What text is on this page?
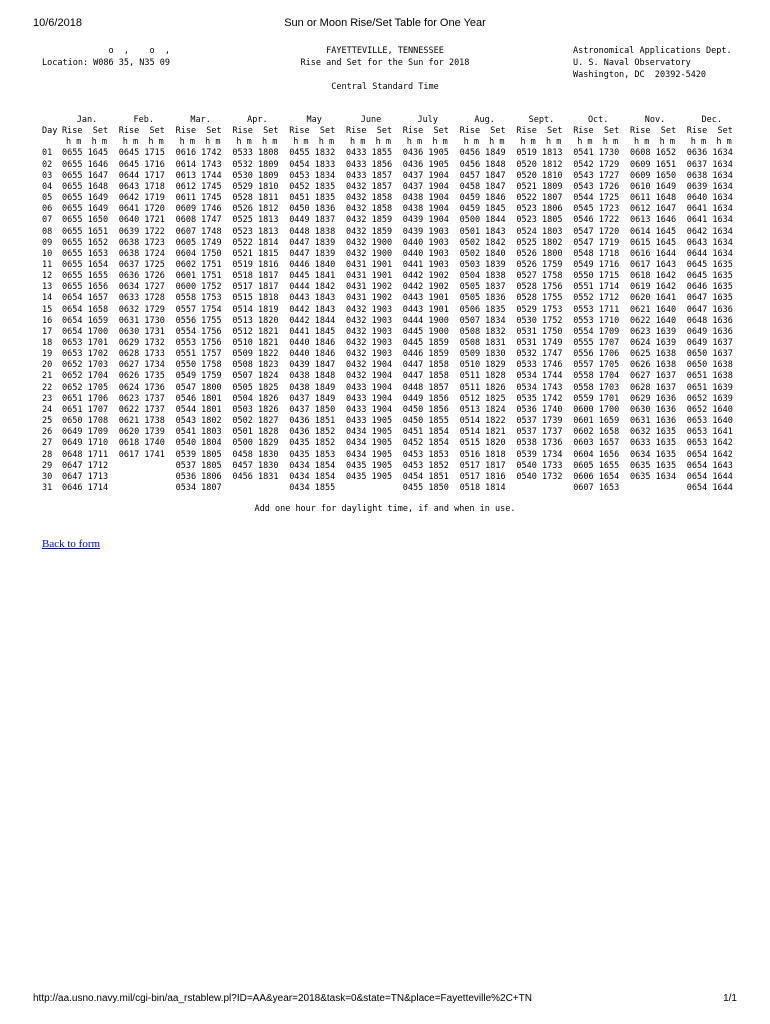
10/6/2018	Sun or Moon Rise/Set Table for One Year
o  ,    o  ,
Location: W086 35, N35 09
FAYETTEVILLE, TENNESSEE
Rise and Set for the Sun for 2018
Astronomical Applications Dept.
U. S. Naval Observatory
Washington, DC  20392-5420
Central Standard Time
Jan.	Feb.	Mar.	Apr.	May	June	July	Aug.	Sept.	Oct.	Nov.	Dec.
Day Rise  Set Rise  Set Rise  Set Rise  Set Rise  Set Rise  Set Rise  Set Rise  Set Rise  Set Rise  Set Rise  Set Rise  Set
h m  h m h m  h m h m  h m h m  h m h m  h m h m  h m h m  h m h m  h m h m  h m h m  h m h m  h m h m  h m
01 0655 1645 0645 1715 0616 1742 0533 1808 0455 1832 0433 1855 0436 1905 0456 1849 0519 1813 0541 1730 0608 1652 0636 1634
02 0655 1646 0645 1716 0614 1743 0532 1809 0454 1833 0433 1856 0436 1905 0456 1848 0520 1812 0542 1729 0609 1651 0637 1634
03 0655 1647 0644 1717 0613 1744 0530 1809 0453 1834 0433 1857 0437 1904 0457 1847 0520 1810 0543 1727 0609 1650 0638 1634
04 0655 1648 0643 1718 0612 1745 0529 1810 0452 1835 0432 1857 0437 1904 0458 1847 0521 1809 0543 1726 0610 1649 0639 1634
05 0655 1649 0642 1719 0611 1745 0528 1811 0451 1835 0432 1858 0438 1904 0459 1846 0522 1807 0544 1725 0611 1648 0640 1634
06 0655 1649 0641 1720 0609 1746 0526 1812 0450 1836 0432 1858 0438 1904 0459 1845 0523 1806 0545 1723 0612 1647 0641 1634
07 0655 1650 0640 1721 0608 1747 0525 1813 0449 1837 0432 1859 0439 1904 0500 1844 0523 1805 0546 1722 0613 1646 0641 1634
08 0655 1651 0639 1722 0607 1748 0523 1813 0448 1838 0432 1859 0439 1903 0501 1843 0524 1803 0547 1720 0614 1645 0642 1634
09 0655 1652 0638 1723 0605 1749 0522 1814 0447 1839 0432 1900 0440 1903 0502 1842 0525 1802 0547 1719 0615 1645 0643 1634
10 0655 1653 0638 1724 0604 1750 0521 1815 0447 1839 0432 1900 0440 1903 0502 1840 0526 1800 0548 1718 0616 1644 0644 1634
11 0655 1654 0637 1725 0602 1751 0519 1816 0446 1840 0431 1901 0441 1903 0503 1839 0526 1759 0549 1716 0617 1643 0645 1635
12 0655 1655 0636 1726 0601 1751 0518 1817 0445 1841 0431 1901 0442 1902 0504 1838 0527 1758 0550 1715 0618 1642 0645 1635
13 0655 1656 0634 1727 0600 1752 0517 1817 0444 1842 0431 1902 0442 1902 0505 1837 0528 1756 0551 1714 0619 1642 0646 1635
14 0654 1657 0633 1728 0558 1753 0515 1818 0443 1843 0431 1902 0443 1901 0505 1836 0528 1755 0552 1712 0620 1641 0647 1635
15 0654 1658 0632 1729 0557 1754 0514 1819 0442 1843 0432 1903 0443 1901 0506 1835 0529 1753 0553 1711 0621 1640 0647 1636
16 0654 1659 0631 1730 0556 1755 0513 1820 0442 1844 0432 1903 0444 1900 0507 1834 0530 1752 0553 1710 0622 1640 0648 1636
17 0654 1700 0630 1731 0554 1756 0512 1821 0441 1845 0432 1903 0445 1900 0508 1832 0531 1750 0554 1709 0623 1639 0649 1636
18 0653 1701 0629 1732 0553 1756 0510 1821 0440 1846 0432 1903 0445 1859 0508 1831 0531 1749 0555 1707 0624 1639 0649 1637
19 0653 1702 0628 1733 0551 1757 0509 1822 0440 1846 0432 1903 0446 1859 0509 1830 0532 1747 0556 1706 0625 1638 0650 1637
20 0652 1703 0627 1734 0550 1758 0508 1823 0439 1847 0432 1904 0447 1858 0510 1829 0533 1746 0557 1705 0626 1638 0650 1638
21 0652 1704 0626 1735 0549 1759 0507 1824 0438 1848 0432 1904 0447 1858 0511 1828 0534 1744 0558 1704 0627 1637 0651 1638
22 0652 1705 0624 1736 0547 1800 0505 1825 0438 1849 0433 1904 0448 1857 0511 1826 0534 1743 0558 1703 0628 1637 0651 1639
23 0651 1706 0623 1737 0546 1801 0504 1826 0437 1849 0433 1904 0449 1856 0512 1825 0535 1742 0559 1701 0629 1636 0652 1639
24 0651 1707 0622 1737 0544 1801 0503 1826 0437 1850 0433 1904 0450 1856 0513 1824 0536 1740 0600 1700 0630 1636 0652 1640
25 0650 1708 0621 1738 0543 1802 0502 1827 0436 1851 0433 1905 0450 1855 0514 1822 0537 1739 0601 1659 0631 1636 0653 1640
26 0649 1709 0620 1739 0541 1803 0501 1828 0436 1852 0434 1905 0451 1854 0514 1821 0537 1737 0602 1658 0632 1635 0653 1641
27 0649 1710 0618 1740 0540 1804 0500 1829 0435 1852 0434 1905 0452 1854 0515 1820 0538 1736 0603 1657 0633 1635 0653 1642
28 0648 1711 0617 1741 0539 1805 0458 1830 0435 1853 0434 1905 0453 1853 0516 1818 0539 1734 0604 1656 0634 1635 0654 1642
29 0647 1712	0537 1805 0457 1830 0434 1854 0435 1905 0453 1852 0517 1817 0540 1733 0605 1655 0635 1635 0654 1643
30 0647 1713	0536 1806 0456 1831 0434 1854 0435 1905 0454 1851 0517 1816 0540 1732 0606 1654 0635 1634 0654 1644
31 0646 1714	0534 1807	0434 1855	0455 1850 0518 1814	0607 1653	0654 1644
Add one hour for daylight time, if and when in use.
Back to form
http://aa.usno.navy.mil/cgi-bin/aa_rstablew.pl?ID=AA&year=2018&task=0&state=TN&place=Fayetteville%2C+TN	1/1
